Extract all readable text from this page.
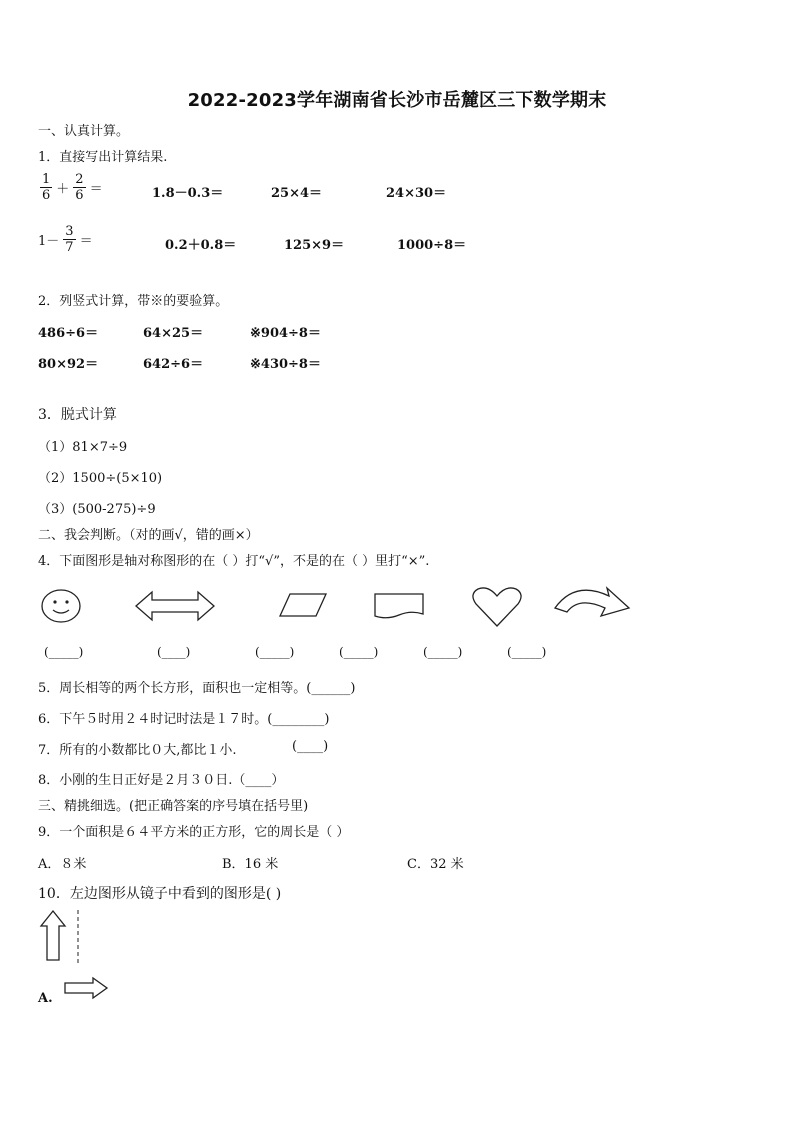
2022-2023学年湖南省长沙市岳麓区三下数学期末
一、认真计算。
1．直接写出计算结果.
$\frac{1}{6} + \frac{2}{6}$ ＝	1.8－0.3＝	25×4＝	24×30＝
$1- \frac{3}{7}$ ＝	0.2＋0.8＝	125×9＝	1000÷8＝
2．列竖式计算，带※的要验算。
486÷6＝	64×25＝	※904÷8＝
80×92＝	642÷6＝	※430÷8＝
3．脱式计算
（1）81×7÷9
（2）1500÷(5×10)
（3）(500-275)÷9
二、我会判断。（对的画√，错的画×）
4．下面图形是轴对称图形的在（ ）打“√”，不是的在（ ）里打“×”.
(_____)	(____)	(_____)	(_____)	(_____)	(_____)
5．周长相等的两个长方形，面积也一定相等。(______)
6．下午５时用２４时记时法是１７时。(________)
7．所有的小数都比０大,都比１小.	(____)
8．小刚的生日正好是２月３０日.（____）
三、精挑细选。(把正确答案的序号填在括号里)
9．一个面积是６４平方米的正方形，它的周长是（ ）
A．８米	B．16 米	C．32 米
10．左边图形从镜子中看到的图形是( )
A.
